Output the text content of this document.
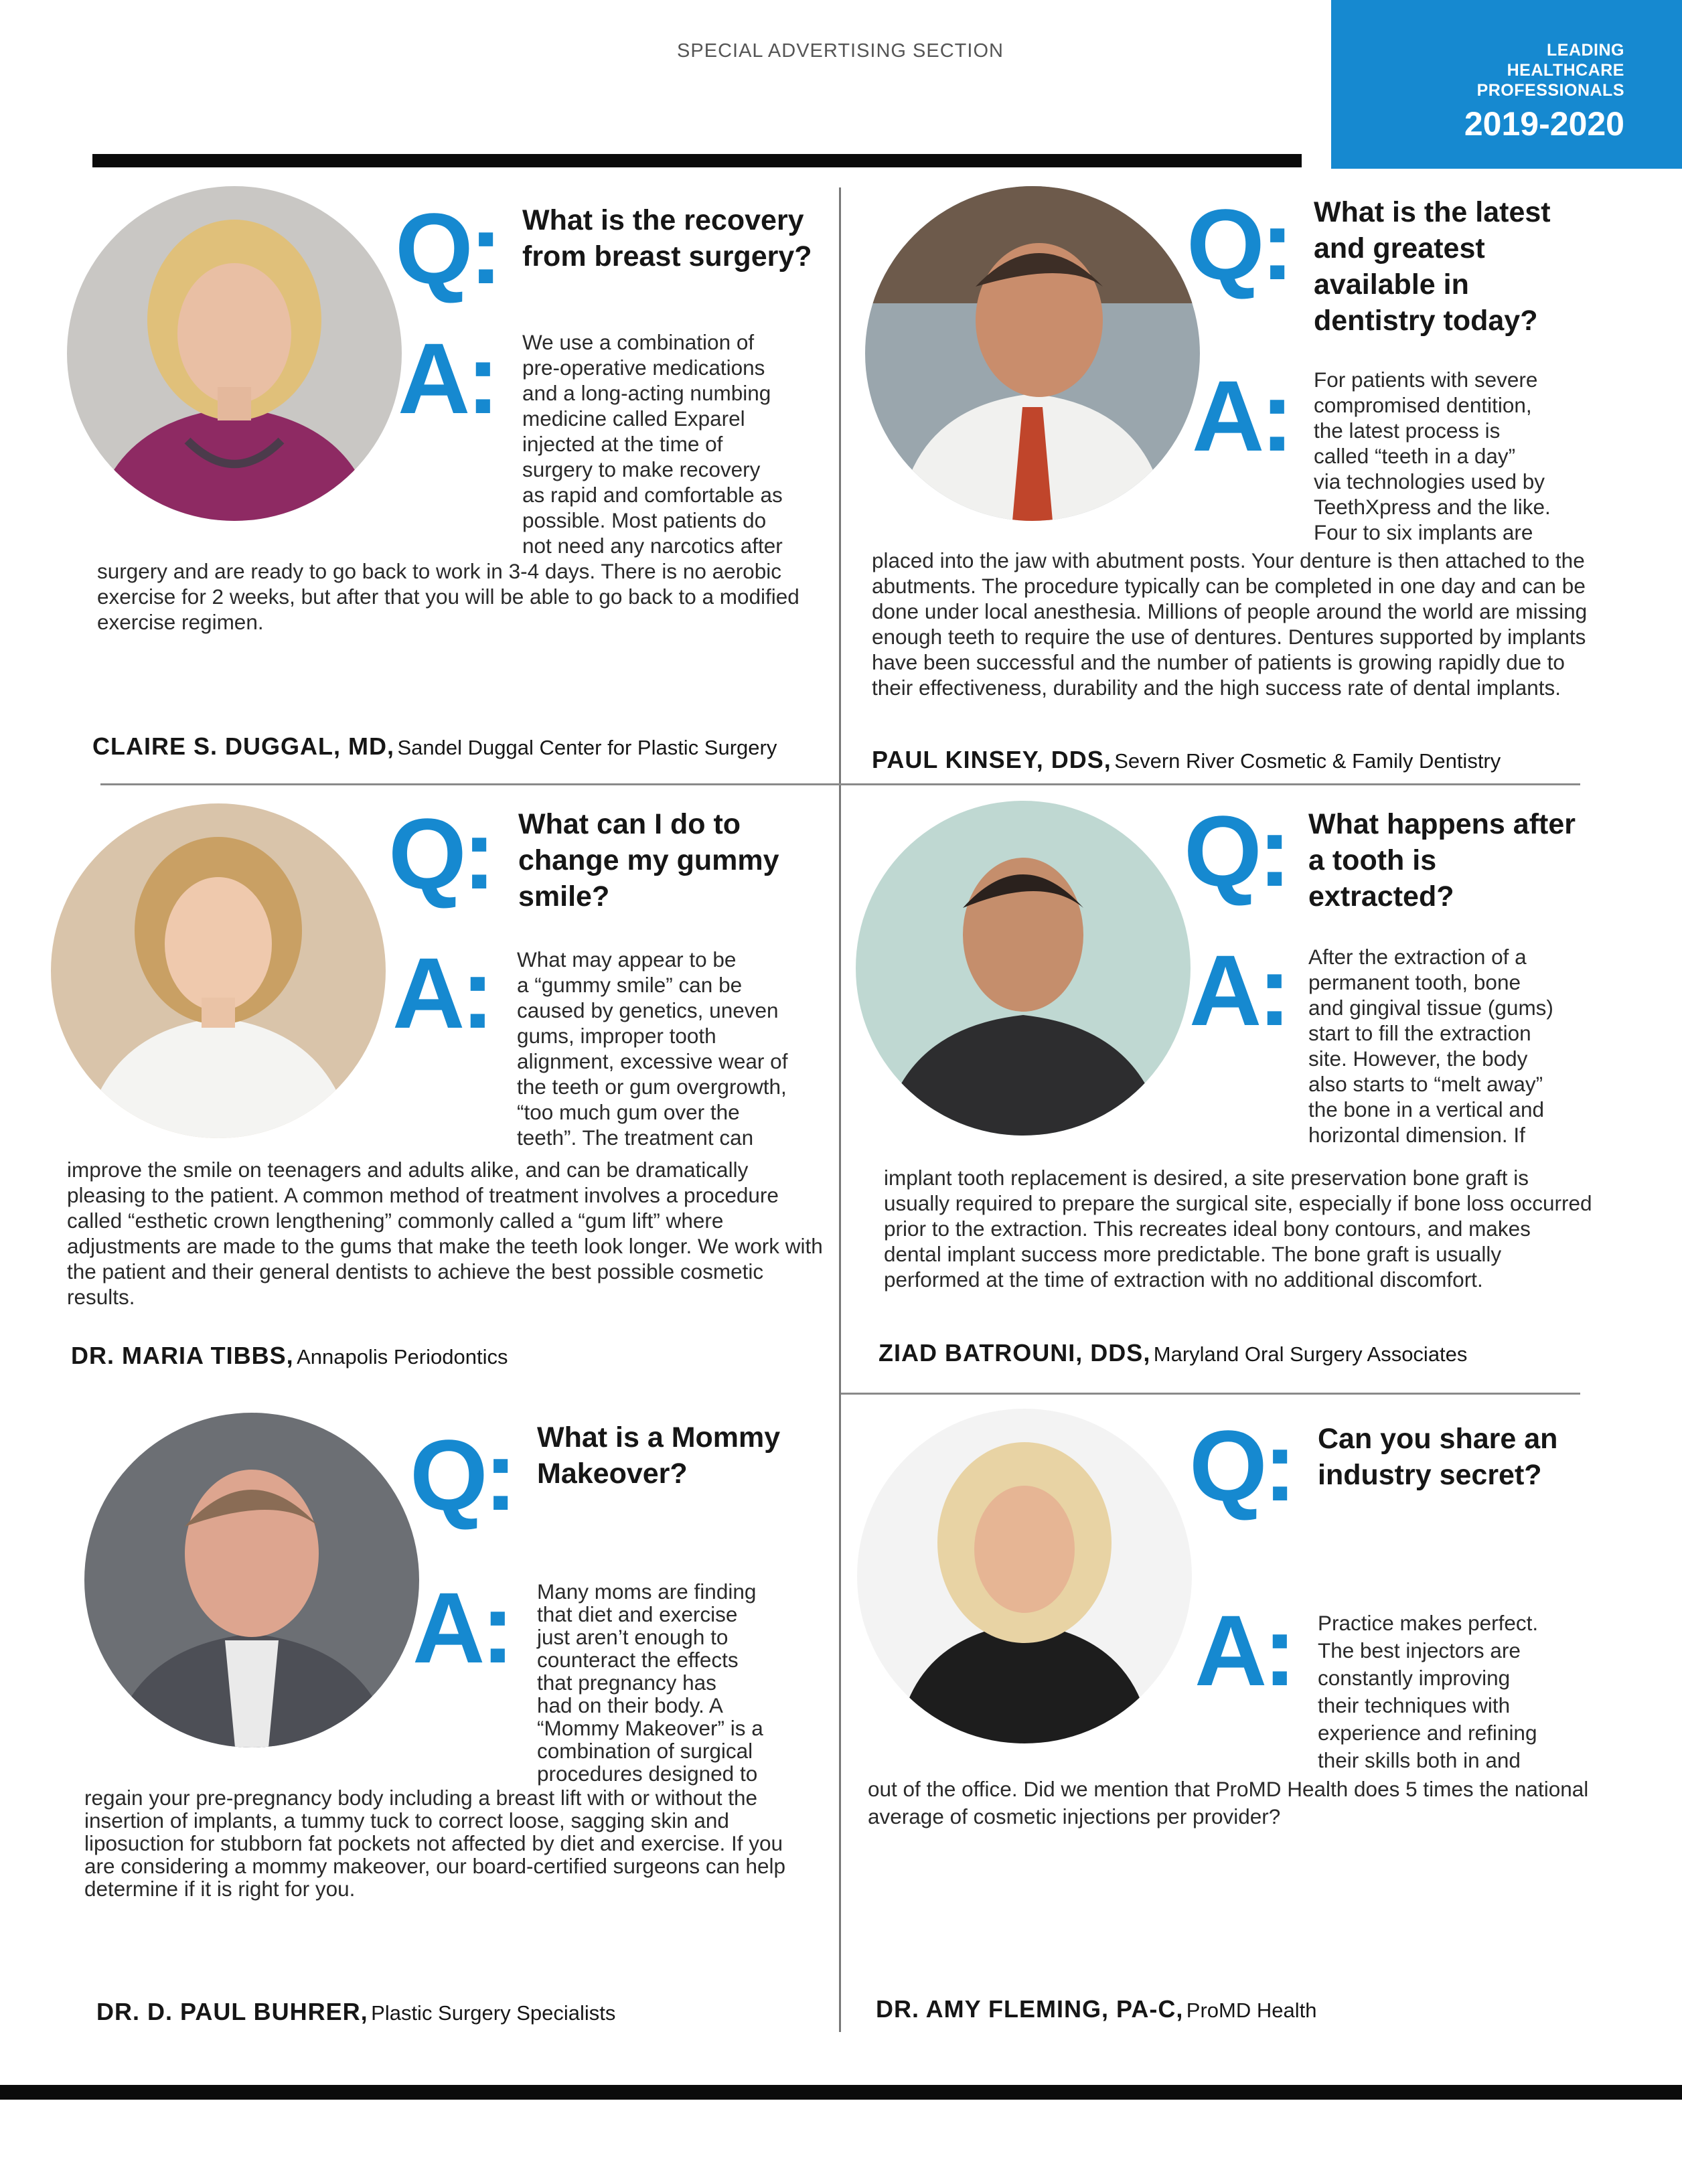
SPECIAL ADVERTISING SECTION	LEADING
HEALTHCARE
PROFESSIONALS
2019-2020
Q: What is the recovery from breast surgery?
A: We use a combination of

pre-operative medications

and a long-acting numbing

medicine called Exparel

injected at the time of

surgery to make recovery

as rapid and comfortable as

possible. Most patients do

not need any narcotics after

surgery and are ready to go back to work in 3-4 days. There is no aerobic exercise for 2 weeks, but after that you will be able to go back to a modified exercise regimen.
CLAIRE S. DUGGAL, MD, Sandel Duggal Center for Plastic Surgery
Q: What is the latest and greatest available in dentistry today?
A: For patients with severe

compromised dentition,

the latest process is

called “teeth in a day”

via technologies used by

TeethXpress and the like.

Four to six implants are

placed into the jaw with abutment posts. Your denture is then attached to the abutments. The procedure typically can be completed in one day and can be done under local anesthesia. Millions of people around the world are missing enough teeth to require the use of dentures. Dentures supported by implants have been successful and the number of patients is growing rapidly due to their effectiveness, durability and the high success rate of dental implants.
PAUL KINSEY, DDS, Severn River Cosmetic & Family Dentistry
Q: What can I do to change my gummy smile?
A: What may appear to be

a “gummy smile” can be

caused by genetics, uneven

gums, improper tooth

alignment, excessive wear of

the teeth or gum overgrowth,

“too much gum over the

teeth”. The treatment can

improve the smile on teenagers and adults alike, and can be dramatically pleasing to the patient. A common method of treatment involves a procedure called “esthetic crown lengthening” commonly called a “gum lift” where adjustments are made to the gums that make the teeth look longer. We work with the patient and their general dentists to achieve the best possible cosmetic results.
DR. MARIA TIBBS, Annapolis Periodontics
Q: What happens after a tooth is extracted?
A: After the extraction of a

permanent tooth, bone

and gingival tissue (gums)

start to fill the extraction

site. However, the body

also starts to “melt away”

the bone in a vertical and

horizontal dimension. If

implant tooth replacement is desired, a site preservation bone graft is usually required to prepare the surgical site, especially if bone loss occurred prior to the extraction. This recreates ideal bony contours, and makes dental implant success more predictable. The bone graft is usually performed at the time of extraction with no additional discomfort.
ZIAD BATROUNI, DDS, Maryland Oral Surgery Associates
Q: What is a Mommy Makeover?
A: Many moms are finding

that diet and exercise

just aren’t enough to

counteract the effects

that pregnancy has

had on their body. A

“Mommy Makeover” is a

combination of surgical

procedures designed to

regain your pre-pregnancy body including a breast lift with or without the insertion of implants, a tummy tuck to correct loose, sagging skin and liposuction for stubborn fat pockets not affected by diet and exercise. If you are considering a mommy makeover, our board-certified surgeons can help determine if it is right for you.
DR. D. PAUL BUHRER, Plastic Surgery Specialists
Q: Can you share an industry secret?
A: Practice makes perfect.

The best injectors are

constantly improving

their techniques with

experience and refining

their skills both in and

out of the office. Did we mention that ProMD Health does 5 times the national average of cosmetic injections per provider?
DR. AMY FLEMING, PA-C, ProMD Health
